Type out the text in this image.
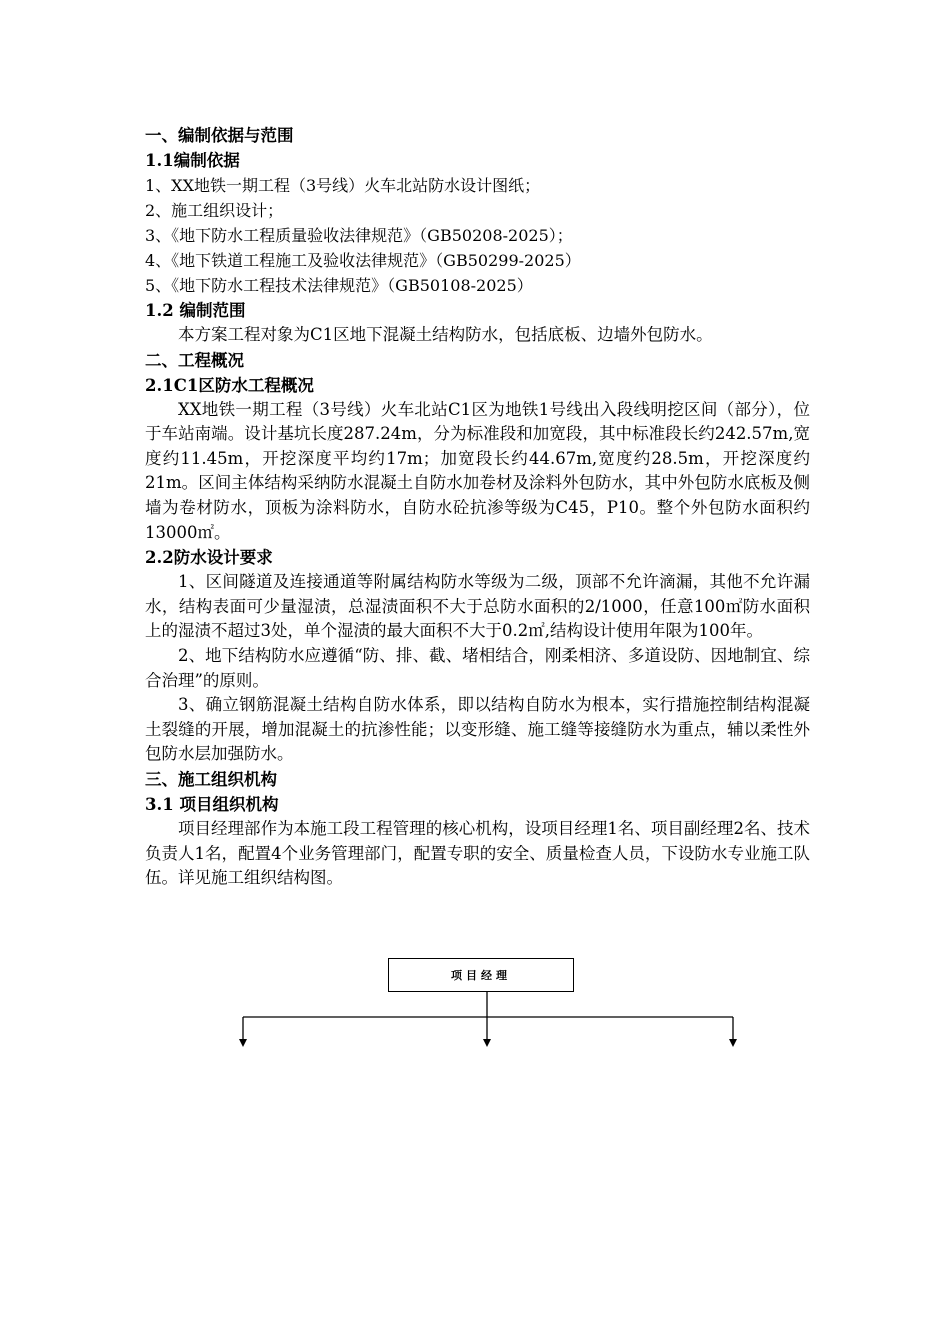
一、编制依据与范围
1.1编制依据
1、XX地铁一期工程（3号线）火车北站防水设计图纸；
2、施工组织设计；
3、《地下防水工程质量验收法律规范》（GB50208-2025）；
4、《地下铁道工程施工及验收法律规范》（GB50299-2025）
5、《地下防水工程技术法律规范》（GB50108-2025）
1.2 编制范围

本方案工程对象为C1区地下混凝土结构防水，包括底板、边墙外包防水。

二、工程概况
2.1C1区防水工程概况

XX地铁一期工程（3号线）火车北站C1区为地铁1号线出入段线明挖区间（部分），位于车站南端。设计基坑长度287.24m，分为标准段和加宽段，其中标准段长约242.57m,宽度约11.45m，开挖深度平均约17m；加宽段长约44.67m,宽度约28.5m，开挖深度约21m。区间主体结构采纳防水混凝土自防水加卷材及涂料外包防水，其中外包防水底板及侧墙为卷材防水，顶板为涂料防水，自防水砼抗渗等级为C45，P10。整个外包防水面积约13000㎡。

2.2防水设计要求

1、区间隧道及连接通道等附属结构防水等级为二级，顶部不允许滴漏，其他不允许漏水，结构表面可少量湿渍，总湿渍面积不大于总防水面积的2/1000，任意100㎡防水面积上的湿渍不超过3处，单个湿渍的最大面积不大于0.2㎡,结构设计使用年限为100年。

2、地下结构防水应遵循“防、排、截、堵相结合，刚柔相济、多道设防、因地制宜、综合治理”的原则。

3、确立钢筋混凝土结构自防水体系，即以结构自防水为根本，实行措施控制结构混凝土裂缝的开展，增加混凝土的抗渗性能；以变形缝、施工缝等接缝防水为重点，辅以柔性外包防水层加强防水。

三、施工组织机构
3.1 项目组织机构

项目经理部作为本施工段工程管理的核心机构，设项目经理1名、项目副经理2名、技术负责人1名，配置4个业务管理部门，配置专职的安全、质量检查人员，下设防水专业施工队伍。详见施工组织结构图。

项目经理
